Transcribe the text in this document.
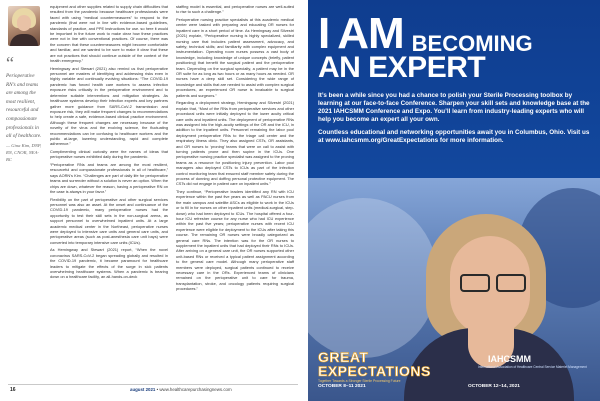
“
Perioperative RN’s and teams are among the most resilient, resourceful and compassionate professionals in all of healthcare.
— Gina Kim, DNP, RN, CNOR, NEA-BC

equipment and other supplies related to supply chain difficulties that resulted from the pandemic because healthcare professionals were faced with using “medical countermeasures” to respond to the pandemic (that were not in line with evidence-based guidelines, standards of practice, and PPE instructions for use. so here it would be important in the future work to make clear how these practices were not in line with conventional practices. Of course, there was the concern that these countermeasures might become comfortable and familiar, and we wanted to be sure to make it clear that these are not practices that should continue outside of the context of the health emergency.”

Hemingway and Stewart (2021) also remind us that perioperative personnel are masters of identifying and addressing risks even in highly variable and continually evolving situations: “The COVID-19 pandemic has forced health care workers to assess infection exposure risks critically in the perioperative environment and to determine suitable interventions and mitigation strategies. As healthcare systems develop their infection experts and key partners gather more guidance from SARS-CoV-2 transmission and exposure risk, they will make frequent changes to recommendations to help create a safe, evidence-based clinical practice environment. Although these frequent changes are necessary because of the novelty of the virus and the evolving science, the fluctuating recommendations can be confusing to healthcare workers and the public at-large, lowering understanding, rapid and complete adherence.”

Complimenting clinical curiosity were the names of ideas that perioperative nurses exhibited daily during the pandemic.

“Perioperative RNs and teams are among the most resilient, resourceful and compassionate professionals in all of healthcare,” says AORN’s Kim. “Challenges are part of daily life for perioperative teams and surrender without a solution is never an option. When the chips are down, whatever the reason, having a perioperative RN on the case is always in your favor.”

Flexibility on the part of perioperative and other surgical services personnel was also an asset. At the onset and continuance of the COVID-19 pandemic, many perioperative nurses had the opportunity to test their skill sets in the non-surgical arena, as support personnel to overwhelmed inpatient units. At a large academic medical center in the Northeast, perioperative nurses were deployed to intensive care units and general care units, and perioperative areas (such as post-anesthesia care unit bays) were converted into temporary intensive care units (ICUs).

As Hemingway and Stewart (2021) report, “When the novel coronavirus SARS-CoV-2 began spreading globally and resulted in the COVID-19 pandemic, it became paramount for healthcare leaders to mitigate the effects of the surge in sick patients overwhelming healthcare systems. When a pandemic is bearing down on a healthcare facility, an all-hands-on-deck

staffing model is essential, and perioperative nurses are well-suited to rise to such a challenge.”

Perioperative nursing practice specialists at this academic medical center were tasked with preparing and educating OR nurses for inpatient care in a short period of time. As Hemingway and Silvestri (2021) explain, “Perioperative nursing is highly specialized, skilled nursing care that includes patient assessment, advocacy, and safety; technical skills; and familiarity with complex equipment and instrumentation. Operating room nurses possess a vast body of knowledge, including knowledge of unique concepts (briefly, patient positioning) that benefit the surgical patient and the perioperative team. Depending on the surgical specialty, a patient may be in the OR suite for as long as two hours or as many hours as needed. OR nurses have a deep skill set. Considering the wide range of knowledge and skills that are needed to assist with complex surgical procedures, an experienced OR nurse is invaluable to surgical patients and surgeons.”

Regarding a deployment strategy, Hemingway and Silvestri (2021) explain that, “Most of the RNs from perioperative services and other procedural units were initially deployed to the lower acuity critical care units and inpatient units. The deployment of perioperative RNs was assigned into the high-acuity settings of the OR and the ICU, in addition to the inpatient units. Personnel remaining the labor pool deployment perioperative RNs to the triage call center and the respiratory illness clinic. They also assigned CSTs, OR assistants, and OR nurses to ‘proning’ teams that were on call to assist with turning patients prone and then supine in the ICUs. One perioperative nursing practice specialist was assigned to the proning teams as a resource for positioning injury prevention. Labor pool managers also deployed CSTs to ICUs as part of the infection control monitoring team that ensured staff member safety during the process of donning and doffing personal protective equipment. The CSTs did not engage in patient care on inpatient units.”

They continue, “Perioperative leaders identified any RN with ICU experience within the past five years as well as PACU nurses from the main campus and satellite ASCs as eligible to work in the ICUs or to fill in for nurses on other inpatient units (medical-surgical, step-down) who had been deployed to ICUs. The hospital offered a four-hour ICU refresher course for any nurse who had ICU experience within the past five years; perioperative nurses with recent ICU experience were eligible for deployment to the ICUs after taking this course. The remaining OR nurses were broadly categorized as general care RNs. The intention was for the OR nurses to supplement the inpatient units that had deployed their RNs to ICUs. After arriving on a general care unit, the OR nurses supported other unit-based RNs or received a typical patient assignment according to the general care model. Although many perioperative staff members were deployed, surgical patients continued to receive necessary care in the ORs. Experienced teams of clinicians remained on the perioperative unit to care for trauma, transplantation, stroke, and oncology patients requiring surgical procedures.”

16	august 2021 • www.healthcarepurchasingnews.com
I AM BECOMING
AN EXPERT

It’s been a while since you had a chance to polish your Sterile Processing toolbox by learning at our face-to-face Conference. Sharpen your skill sets and knowledge base at the 2021 IAHCSMM Conference and Expo. You’ll learn from industry-leading experts who will help you become an expert all your own.

Countless educational and networking opportunities await you in Columbus, Ohio. Visit us at www.iahcsmm.org/GreatExpectations for more information.

GREAT
EXPECTATIONS
Together Towards a Stronger Sterile Processing Future
OCTOBER 8–11 2021
IAHCSMM
International Association of Healthcare Central Service Materiel Management
OCTOBER 12–14, 2021
